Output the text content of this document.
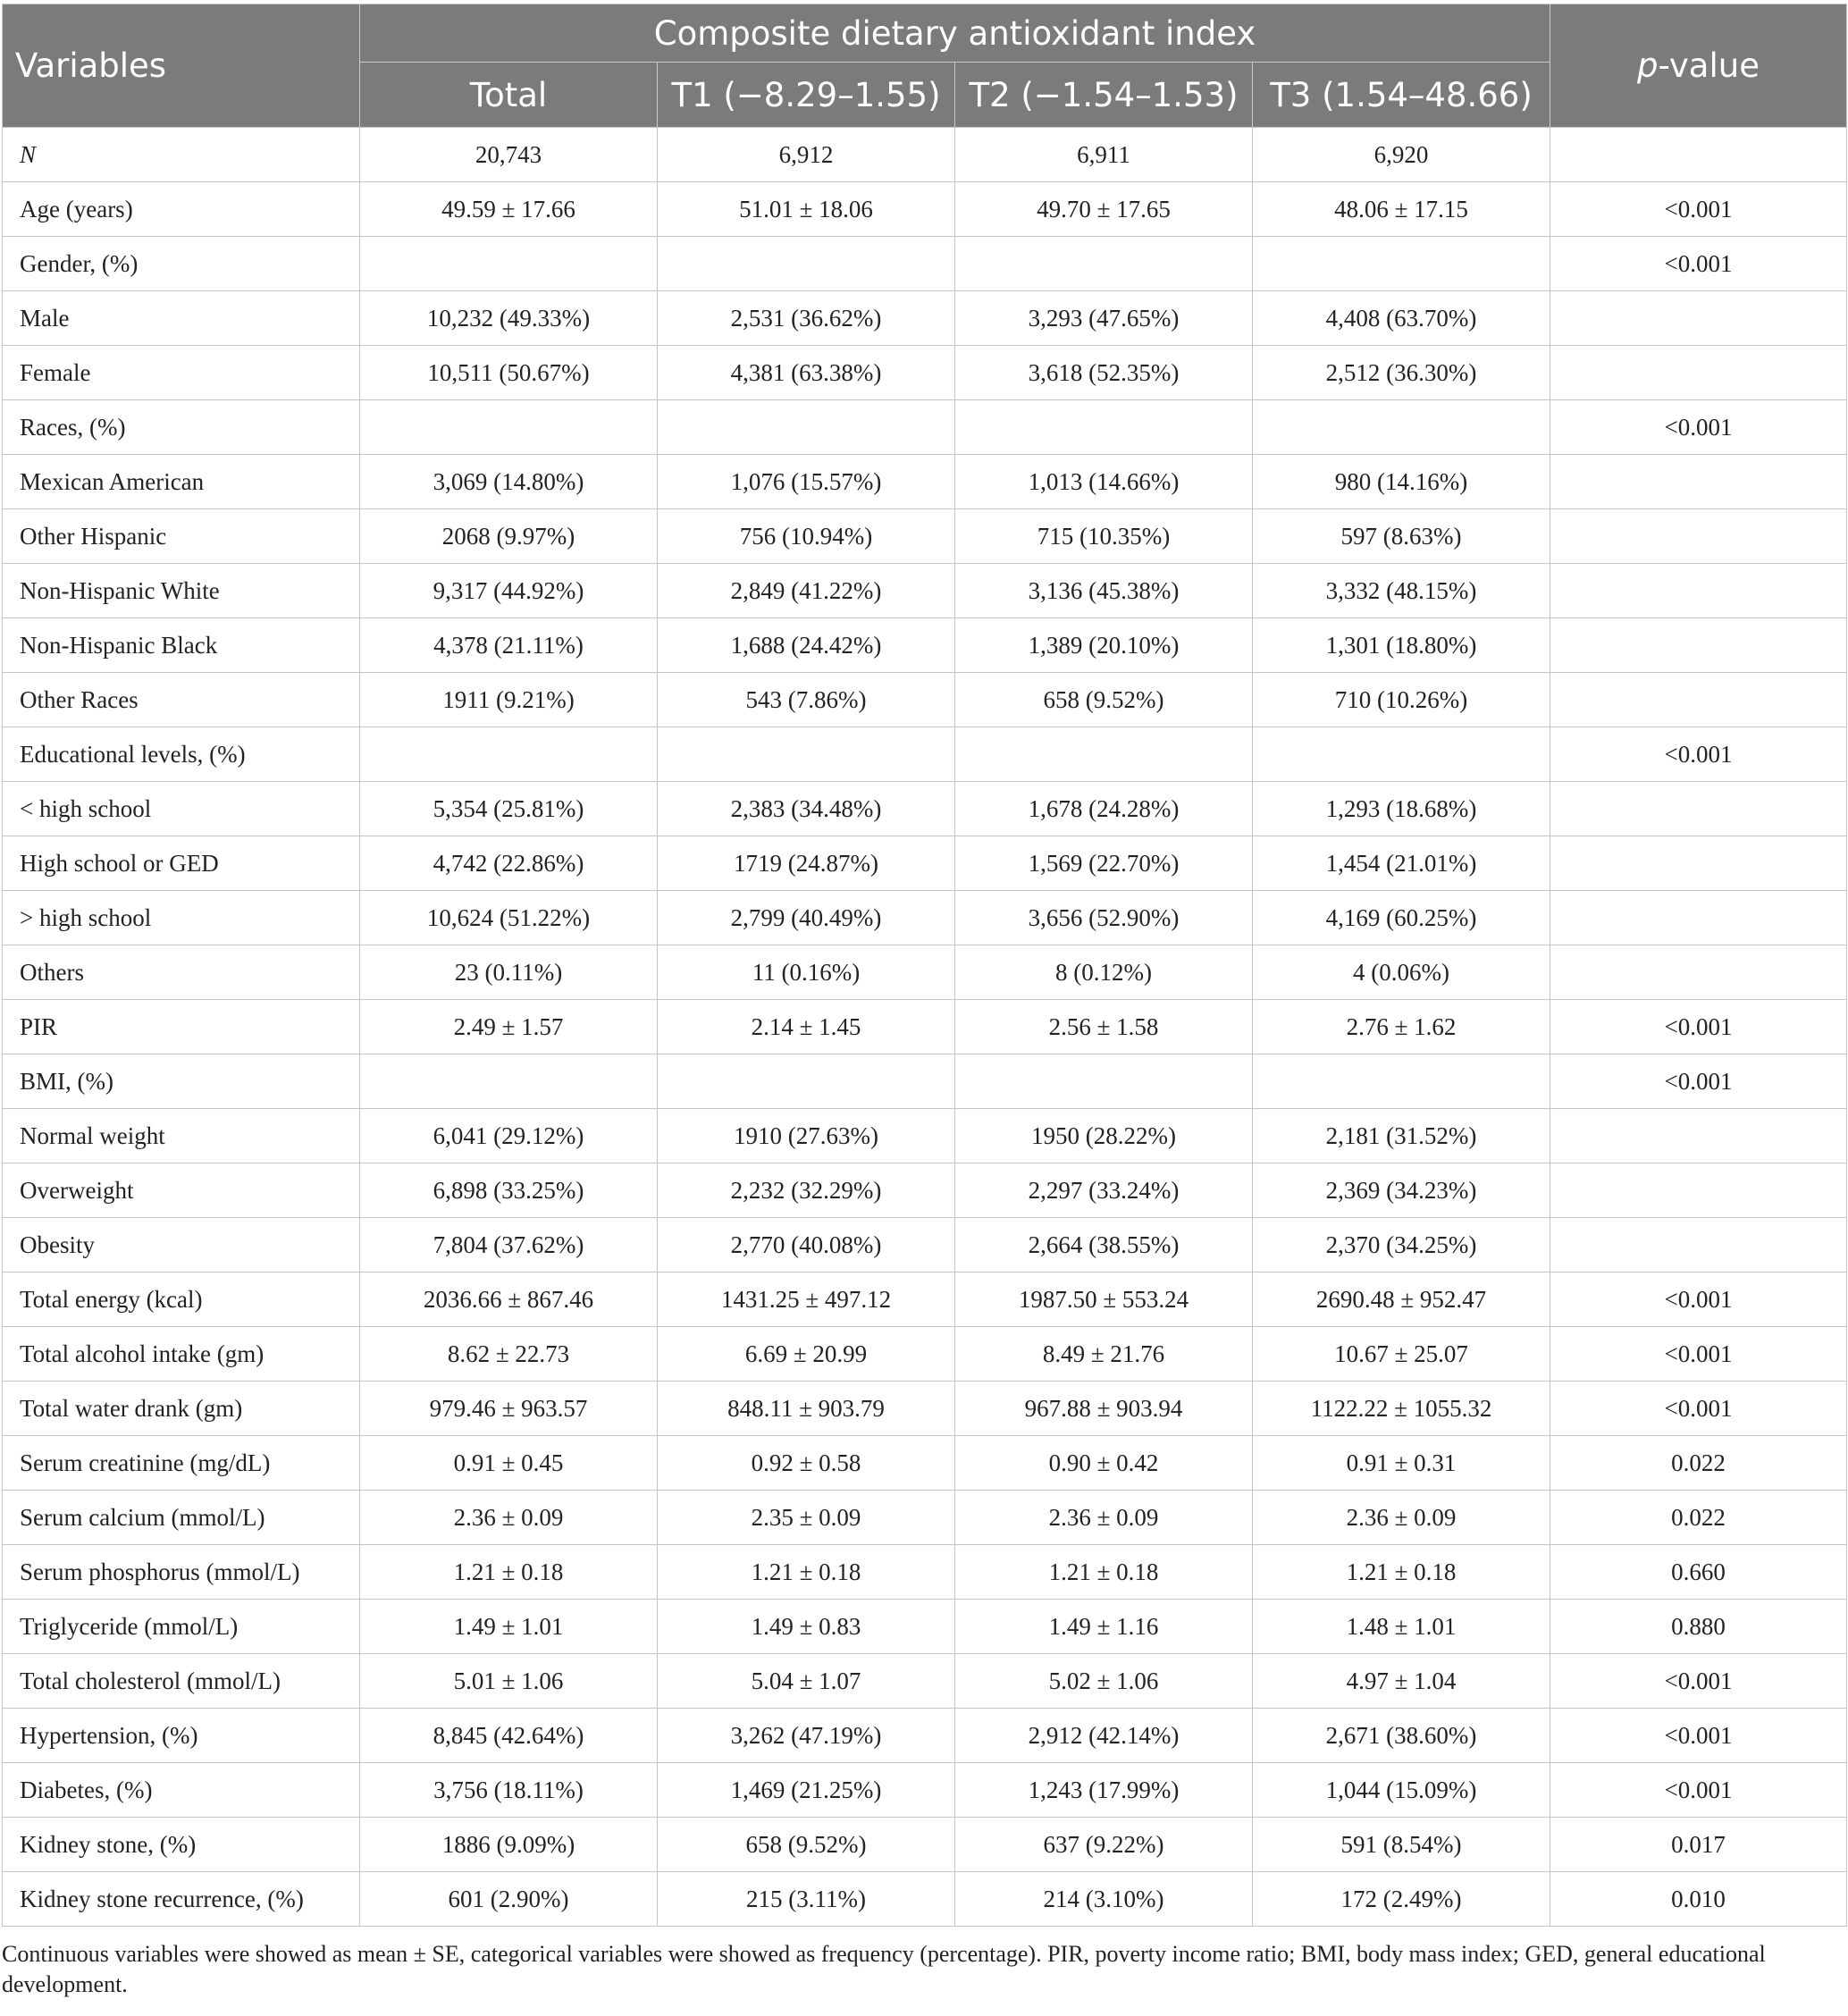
Variables	Composite dietary antioxidant index				p-value
	Total	T1 (−8.29–1.55)	T2 (−1.54–1.53)	T3 (1.54–48.66)	
N	20,743	6,912	6,911	6,920	
Age (years)	49.59 ± 17.66	51.01 ± 18.06	49.70 ± 17.65	48.06 ± 17.15	<0.001
Gender, (%)					<0.001
Male	10,232 (49.33%)	2,531 (36.62%)	3,293 (47.65%)	4,408 (63.70%)	
Female	10,511 (50.67%)	4,381 (63.38%)	3,618 (52.35%)	2,512 (36.30%)	
Races, (%)					<0.001
Mexican American	3,069 (14.80%)	1,076 (15.57%)	1,013 (14.66%)	980 (14.16%)	
Other Hispanic	2068 (9.97%)	756 (10.94%)	715 (10.35%)	597 (8.63%)	
Non-Hispanic White	9,317 (44.92%)	2,849 (41.22%)	3,136 (45.38%)	3,332 (48.15%)	
Non-Hispanic Black	4,378 (21.11%)	1,688 (24.42%)	1,389 (20.10%)	1,301 (18.80%)	
Other Races	1911 (9.21%)	543 (7.86%)	658 (9.52%)	710 (10.26%)	
Educational levels, (%)					<0.001
< high school	5,354 (25.81%)	2,383 (34.48%)	1,678 (24.28%)	1,293 (18.68%)	
High school or GED	4,742 (22.86%)	1719 (24.87%)	1,569 (22.70%)	1,454 (21.01%)	
> high school	10,624 (51.22%)	2,799 (40.49%)	3,656 (52.90%)	4,169 (60.25%)	
Others	23 (0.11%)	11 (0.16%)	8 (0.12%)	4 (0.06%)	
PIR	2.49 ± 1.57	2.14 ± 1.45	2.56 ± 1.58	2.76 ± 1.62	<0.001
BMI, (%)					<0.001
Normal weight	6,041 (29.12%)	1910 (27.63%)	1950 (28.22%)	2,181 (31.52%)	
Overweight	6,898 (33.25%)	2,232 (32.29%)	2,297 (33.24%)	2,369 (34.23%)	
Obesity	7,804 (37.62%)	2,770 (40.08%)	2,664 (38.55%)	2,370 (34.25%)	
Total energy (kcal)	2036.66 ± 867.46	1431.25 ± 497.12	1987.50 ± 553.24	2690.48 ± 952.47	<0.001
Total alcohol intake (gm)	8.62 ± 22.73	6.69 ± 20.99	8.49 ± 21.76	10.67 ± 25.07	<0.001
Total water drank (gm)	979.46 ± 963.57	848.11 ± 903.79	967.88 ± 903.94	1122.22 ± 1055.32	<0.001
Serum creatinine (mg/dL)	0.91 ± 0.45	0.92 ± 0.58	0.90 ± 0.42	0.91 ± 0.31	0.022
Serum calcium (mmol/L)	2.36 ± 0.09	2.35 ± 0.09	2.36 ± 0.09	2.36 ± 0.09	0.022
Serum phosphorus (mmol/L)	1.21 ± 0.18	1.21 ± 0.18	1.21 ± 0.18	1.21 ± 0.18	0.660
Triglyceride (mmol/L)	1.49 ± 1.01	1.49 ± 0.83	1.49 ± 1.16	1.48 ± 1.01	0.880
Total cholesterol (mmol/L)	5.01 ± 1.06	5.04 ± 1.07	5.02 ± 1.06	4.97 ± 1.04	<0.001
Hypertension, (%)	8,845 (42.64%)	3,262 (47.19%)	2,912 (42.14%)	2,671 (38.60%)	<0.001
Diabetes, (%)	3,756 (18.11%)	1,469 (21.25%)	1,243 (17.99%)	1,044 (15.09%)	<0.001
Kidney stone, (%)	1886 (9.09%)	658 (9.52%)	637 (9.22%)	591 (8.54%)	0.017
Kidney stone recurrence, (%)	601 (2.90%)	215 (3.11%)	214 (3.10%)	172 (2.49%)	0.010
Continuous variables were showed as mean ± SE, categorical variables were showed as frequency (percentage). PIR, poverty income ratio; BMI, body mass index; GED, general educational development.
